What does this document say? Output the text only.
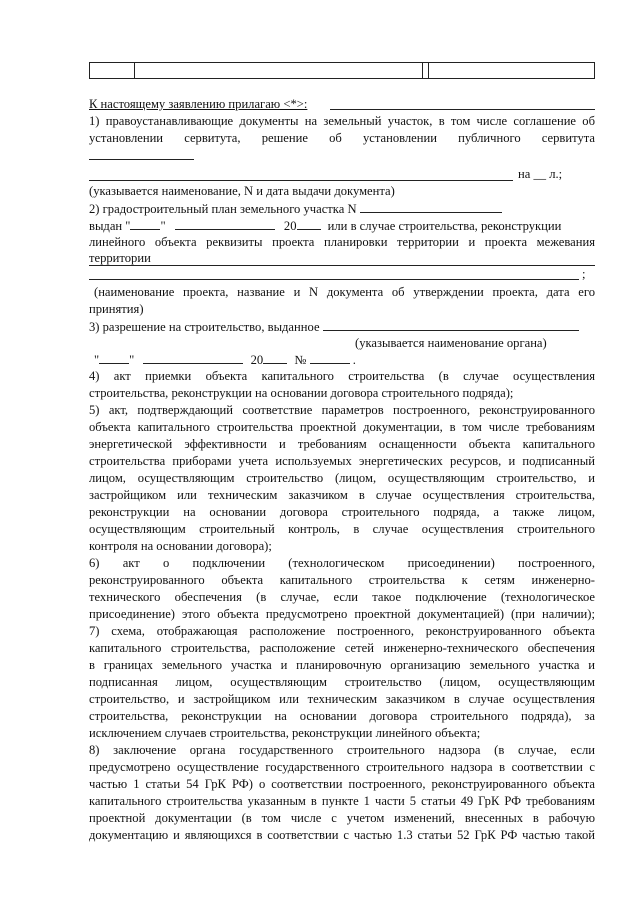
К настоящему заявлению прилагаю <*>:
1) правоустанавливающие документы на земельный участок, в том числе соглашение об
установлении сервитута, решение об установлении публичного сервитута
на __ л.;
(указывается наименование, N и дата выдачи документа)
2) градостроительный план земельного участка N
выдан " "	20 или в случае строительства, реконструкции
линейного объекта реквизиты проекта планировки территории и проекта межевания
территории
;
(наименование проекта, название и N документа об утверждении проекта, дата его
принятия)
3) разрешение на строительство, выданное
(указывается наименование органа)
" "	20 №	.
4) акт приемки объекта капитального строительства (в случае осуществления
строительства, реконструкции на основании договора строительного подряда);
5) акт, подтверждающий соответствие параметров построенного, реконструированного
объекта капитального строительства проектной документации, в том числе требованиям
энергетической эффективности и требованиям оснащенности объекта капитального
строительства приборами учета используемых энергетических ресурсов, и подписанный
лицом, осуществляющим строительство (лицом, осуществляющим строительство, и
застройщиком или техническим заказчиком в случае осуществления строительства,
реконструкции на основании договора строительного подряда, а также лицом,
осуществляющим строительный контроль, в случае осуществления строительного
контроля на основании договора);
6) акт о подключении (технологическом присоединении) построенного,
реконструированного объекта капитального строительства к сетям инженерно-
технического обеспечения (в случае, если такое подключение (технологическое
присоединение) этого объекта предусмотрено проектной документацией) (при наличии);
7) схема, отображающая расположение построенного, реконструированного объекта
капитального строительства, расположение сетей инженерно-технического обеспечения
в границах земельного участка и планировочную организацию земельного участка и
подписанная лицом, осуществляющим строительство (лицом, осуществляющим
строительство, и застройщиком или техническим заказчиком в случае осуществления
строительства, реконструкции на основании договора строительного подряда), за
исключением случаев строительства, реконструкции линейного объекта;
8) заключение органа государственного строительного надзора (в случае, если
предусмотрено осуществление государственного строительного надзора в соответствии с
частью 1 статьи 54 ГрК РФ) о соответствии построенного, реконструированного объекта
капитального строительства указанным в пункте 1 части 5 статьи 49 ГрК РФ требованиям
проектной документации (в том числе с учетом изменений, внесенных в рабочую
документацию и являющихся в соответствии с частью 1.3 статьи 52 ГрК РФ частью такой
